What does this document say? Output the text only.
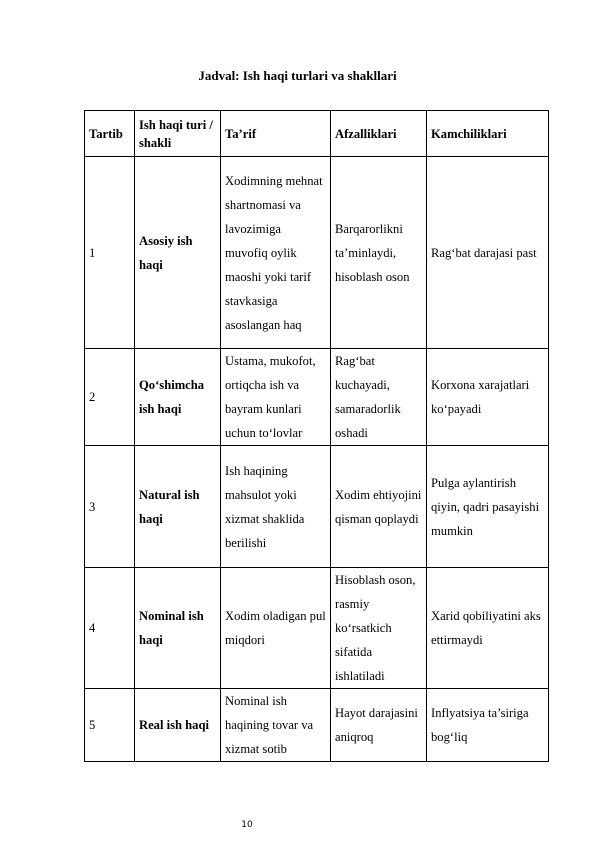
Jadval: Ish haqi turlari va shakllari
Tartib	Ish haqi turi / shakli	Ta’rif	Afzalliklari	Kamchiliklari
1	Asosiy ish haqi	Xodimning mehnat shartnomasi va lavozimiga muvofiq oylik maoshi yoki tarif stavkasiga asoslangan haq	Barqarorlikni ta’minlaydi, hisoblash oson	Rag‘bat darajasi past
2	Qo‘shimcha ish haqi	Ustama, mukofot, ortiqcha ish va bayram kunlari uchun to‘lovlar	Rag‘bat kuchayadi, samaradorlik oshadi	Korxona xarajatlari ko‘payadi
3	Natural ish haqi	Ish haqining mahsulot yoki xizmat shaklida berilishi	Xodim ehtiyojini qisman qoplaydi	Pulga aylantirish qiyin, qadri pasayishi mumkin
4	Nominal ish haqi	Xodim oladigan pul miqdori	Hisoblash oson, rasmiy ko‘rsatkich sifatida ishlatiladi	Xarid qobiliyatini aks ettirmaydi
5	Real ish haqi	Nominal ish haqining tovar va xizmat sotib	Hayot darajasini aniqroq	Inflyatsiya ta’siriga bog‘liq
10
